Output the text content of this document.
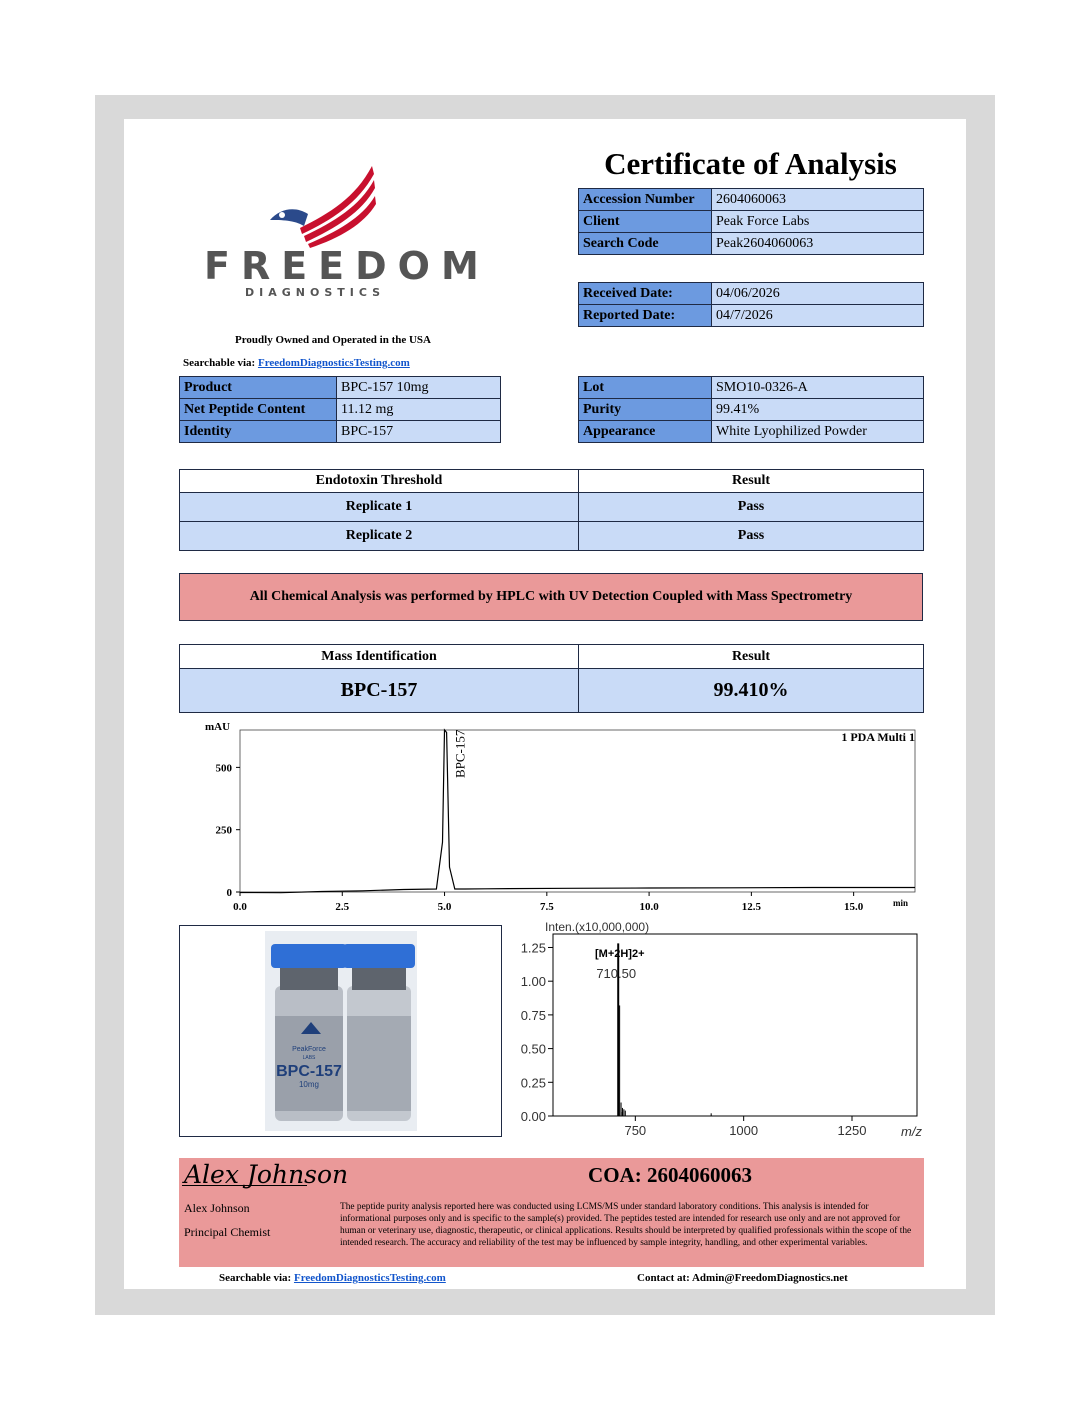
FREEDOM
DIAGNOSTICS
Proudly Owned and Operated in the USA
Searchable via: FreedomDiagnosticsTesting.com
Certificate of Analysis
Accession Number	2604060063
Client	Peak Force Labs
Search Code	Peak2604060063
Received Date:	04/06/2026
Reported Date:	04/7/2026
Product	BPC-157 10mg
Net Peptide Content	11.12 mg
Identity	BPC-157
Lot	SMO10-0326-A
Purity	99.41%
Appearance	White Lyophilized Powder
Endotoxin Threshold	Result
Replicate 1	Pass
Replicate 2	Pass
All Chemical Analysis was performed by HPLC with UV Detection Coupled with Mass Spectrometry
Mass Identification	Result
BPC-157	99.410%
mAU
1 PDA Multi 1
min
0.0	2.5	5.0	7.5	10.0	12.5	15.0
0
250
500	BPC-157
PeakForce
LABS
BPC-157
10mg
Inten.(x10,000,000)
[M+2H]2+
m/z
0.00
0.25
0.50
0.75
1.00
1.25
750	1000	1250
710.50
Alex Johnson
Alex Johnson
Principal Chemist
COA: 2604060063
The peptide purity analysis reported here was conducted using LCMS/MS under standard laboratory conditions. This analysis is intended for informational purposes only and is specific to the sample(s) provided. The peptides tested are intended for research use only and are not approved for human or veterinary use, diagnostic, therapeutic, or clinical applications. Results should be interpreted by qualified professionals within the scope of the intended research. The accuracy and reliability of the test may be influenced by sample integrity, handling, and other experimental variables.
Searchable via: FreedomDiagnosticsTesting.com	Contact at: Admin@FreedomDiagnostics.net
